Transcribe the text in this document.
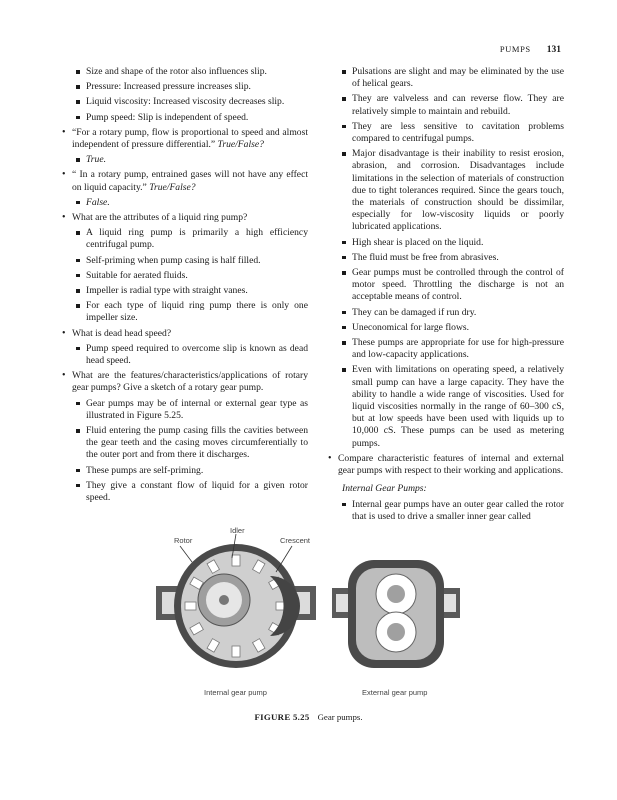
PUMPS 131
Size and shape of the rotor also influences slip.
Pressure: Increased pressure increases slip.
Liquid viscosity: Increased viscosity decreases slip.
Pump speed: Slip is independent of speed.
• “For a rotary pump, flow is proportional to speed and almost independent of pressure differential.” True/False?
True.
• “ In a rotary pump, entrained gases will not have any effect on liquid capacity.” True/False?
False.
• What are the attributes of a liquid ring pump?
A liquid ring pump is primarily a high efficiency centrifugal pump.
Self-priming when pump casing is half filled.
Suitable for aerated fluids.
Impeller is radial type with straight vanes.
For each type of liquid ring pump there is only one impeller size.
• What is dead head speed?
Pump speed required to overcome slip is known as dead head speed.
• What are the features/characteristics/applications of rotary gear pumps? Give a sketch of a rotary gear pump.
Gear pumps may be of internal or external gear type as illustrated in Figure 5.25.
Fluid entering the pump casing fills the cavities between the gear teeth and the casing moves circumferentially to the outer port and from there it discharges.
These pumps are self-priming.
They give a constant flow of liquid for a given rotor speed.
Pulsations are slight and may be eliminated by the use of helical gears.
They are valveless and can reverse flow. They are relatively simple to maintain and rebuild.
They are less sensitive to cavitation problems compared to centrifugal pumps.
Major disadvantage is their inability to resist erosion, abrasion, and corrosion. Disadvantages include limitations in the selection of materials of construction due to tight tolerances required. Since the gears touch, the materials of construction should be dissimilar, especially for low-viscosity liquids or poorly lubricated applications.
High shear is placed on the liquid.
The fluid must be free from abrasives.
Gear pumps must be controlled through the control of motor speed. Throttling the discharge is not an acceptable means of control.
They can be damaged if run dry.
Uneconomical for large flows.
These pumps are appropriate for use for high-pressure and low-capacity applications.
Even with limitations on operating speed, a relatively small pump can have a large capacity. They have the ability to handle a wide range of viscosities. Used for liquid viscosities normally in the range of 60–300 cS, but at low speeds have been used with liquids up to 10,000 cS. These pumps can be used as metering pumps.
• Compare characteristic features of internal and external gear pumps with respect to their working and applications.
Internal Gear Pumps:
Internal gear pumps have an outer gear called the rotor that is used to drive a smaller inner gear called
Rotor
Idler
Crescent
Internal gear pump	External gear pump
FIGURE 5.25 Gear pumps.
